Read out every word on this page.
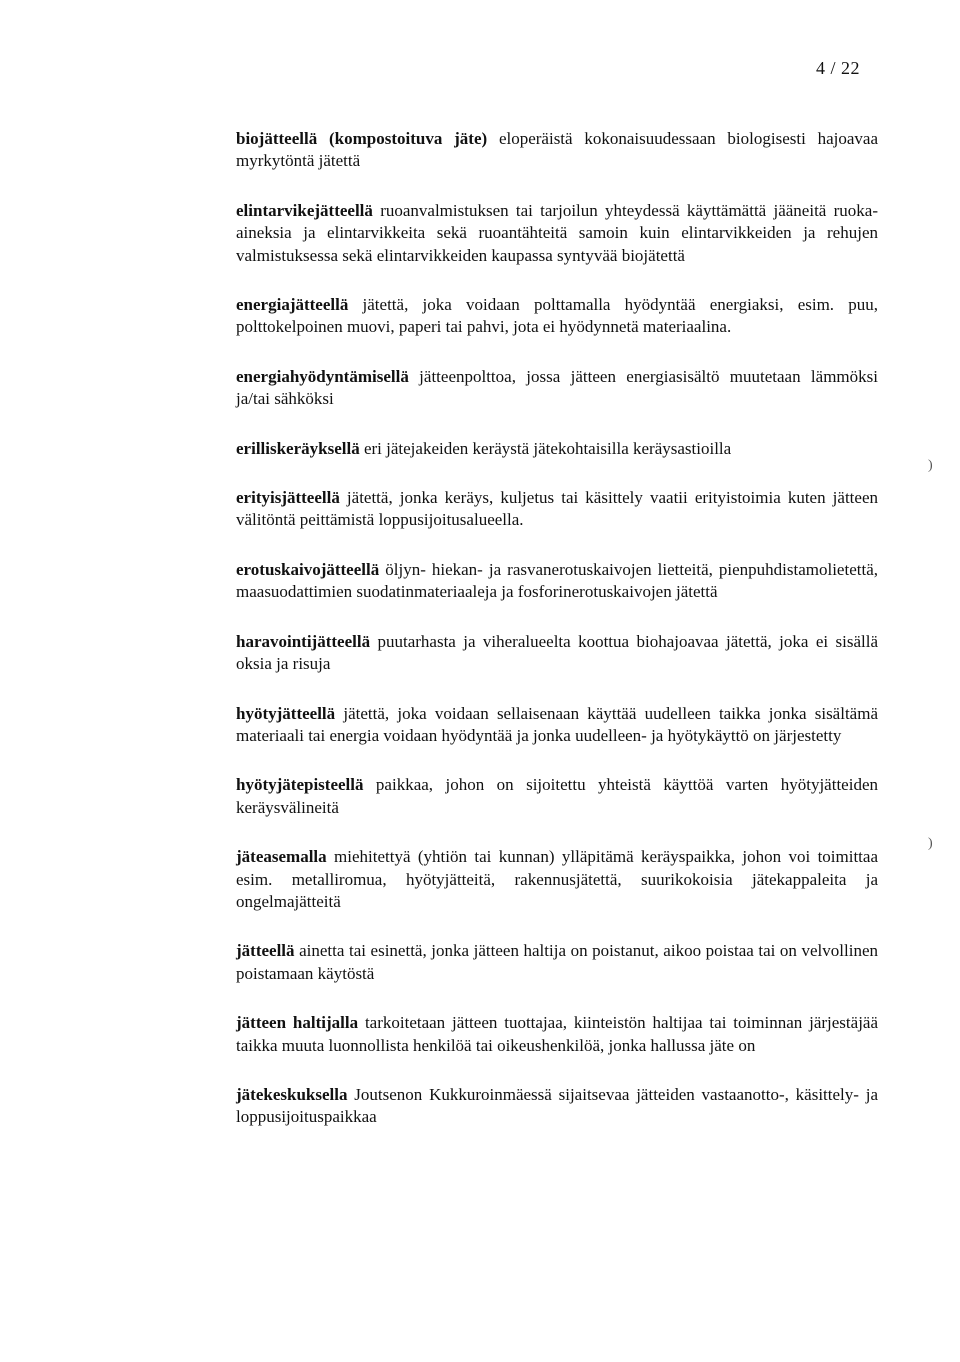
4 / 22

biojätteellä (kompostoituva jäte) eloperäistä kokonaisuudessaan biologisesti hajoavaa myrkytöntä jätettä

elintarvikejätteellä ruoanvalmistuksen tai tarjoilun yhteydessä käyttämättä jääneitä ruoka-aineksia ja elintarvikkeita sekä ruoantähteitä samoin kuin elintarvikkeiden ja rehujen valmistuksessa sekä elintarvikkeiden kaupassa syntyvää biojätettä

energiajätteellä jätettä, joka voidaan polttamalla hyödyntää energiaksi, esim. puu, polttokelpoinen muovi, paperi tai pahvi, jota ei hyödynnetä materiaalina.

energiahyödyntämisellä jätteenpolttoa, jossa jätteen energiasisältö muutetaan lämmöksi ja/tai sähköksi

erilliskeräyksellä eri jätejakeiden keräystä jätekohtaisilla keräysastioilla

erityisjätteellä jätettä, jonka keräys, kuljetus tai käsittely vaatii erityistoimia kuten jätteen välitöntä peittämistä loppusijoitusalueella.

erotuskaivojätteellä öljyn- hiekan- ja rasvanerotuskaivojen lietteitä, pienpuhdistamolietettä, maasuodattimien suodatinmateriaaleja ja fosforinerotuskaivojen jätettä

haravointijätteellä puutarhasta ja viheralueelta koottua biohajoavaa jätettä, joka ei sisällä oksia ja risuja

hyötyjätteellä jätettä, joka voidaan sellaisenaan käyttää uudelleen taikka jonka sisältämä materiaali tai energia voidaan hyödyntää ja jonka uudelleen- ja hyötykäyttö on järjestetty

hyötyjätepisteellä paikkaa, johon on sijoitettu yhteistä käyttöä varten hyötyjätteiden keräysvälineitä

jäteasemalla miehitettyä (yhtiön tai kunnan) ylläpitämä keräyspaikka, johon voi toimittaa esim. metalliromua, hyötyjätteitä, rakennusjätettä, suurikokoisia jätekappaleita ja ongelmajätteitä

jätteellä ainetta tai esinettä, jonka jätteen haltija on poistanut, aikoo poistaa tai on velvollinen poistamaan käytöstä

jätteen haltijalla tarkoitetaan jätteen tuottajaa, kiinteistön haltijaa tai toiminnan järjestäjää taikka muuta luonnollista henkilöä tai oikeushenkilöä, jonka hallussa jäte on

jätekeskuksella Joutsenon Kukkuroinmäessä sijaitsevaa jätteiden vastaanotto-, käsittely- ja loppusijoituspaikkaa

)
)
